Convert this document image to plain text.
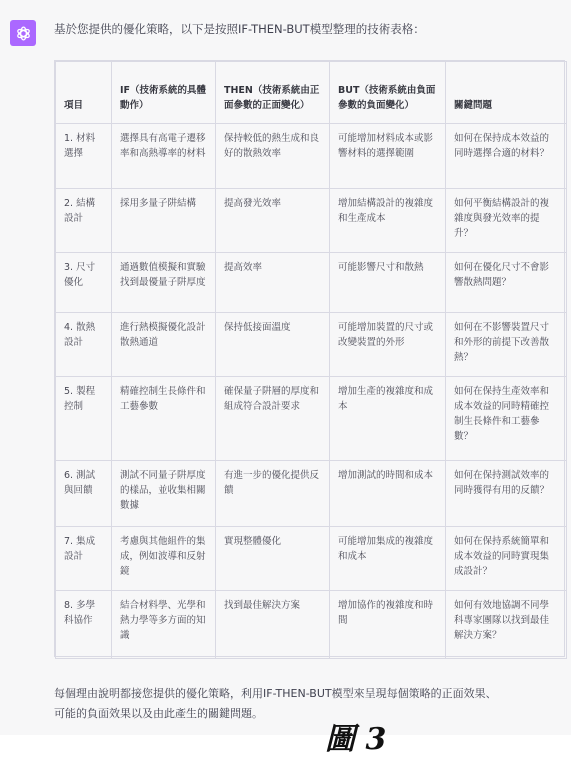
基於您提供的優化策略，以下是按照IF-THEN-BUT模型整理的技術表格：
項目	IF（技術系統的具體動作）	THEN（技術系統由正面參數的正面變化）	BUT（技術系統由負面參數的負面變化）	關鍵問題
1. 材料選擇	選擇具有高電子遷移率和高熱導率的材料	保持較低的熱生成和良好的散熱效率	可能增加材料成本或影響材料的選擇範圍	如何在保持成本效益的同時選擇合適的材料？
2. 結構設計	採用多量子阱結構	提高發光效率	增加結構設計的複雜度和生產成本	如何平衡結構設計的複雜度與發光效率的提升？
3. 尺寸優化	通過數值模擬和實驗找到最優量子阱厚度	提高效率	可能影響尺寸和散熱	如何在優化尺寸不會影響散熱問題？
4. 散熱設計	進行熱模擬優化設計散熱通道	保持低接面溫度	可能增加裝置的尺寸或改變裝置的外形	如何在不影響裝置尺寸和外形的前提下改善散熱？
5. 製程控制	精確控制生長條件和工藝參數	確保量子阱層的厚度和組成符合設計要求	增加生產的複雜度和成本	如何在保持生產效率和成本效益的同時精確控制生長條件和工藝參數？
6. 測試與回饋	測試不同量子阱厚度的樣品，並收集相關數據	有進一步的優化提供反饋	增加測試的時間和成本	如何在保持測試效率的同時獲得有用的反饋？
7. 集成設計	考慮與其他組件的集成，例如波導和反射鏡	實現整體優化	可能增加集成的複雜度和成本	如何在保持系統簡單和成本效益的同時實現集成設計？
8. 多學科協作	結合材料學、光學和熱力學等多方面的知識	找到最佳解決方案	增加協作的複雜度和時間	如何有效地協調不同學科專家團隊以找到最佳解決方案？
每個理由說明都接您提供的優化策略，利用IF-THEN-BUT模型來呈現每個策略的正面效果、
可能的負面效果以及由此產生的關鍵問題。
圖 3
